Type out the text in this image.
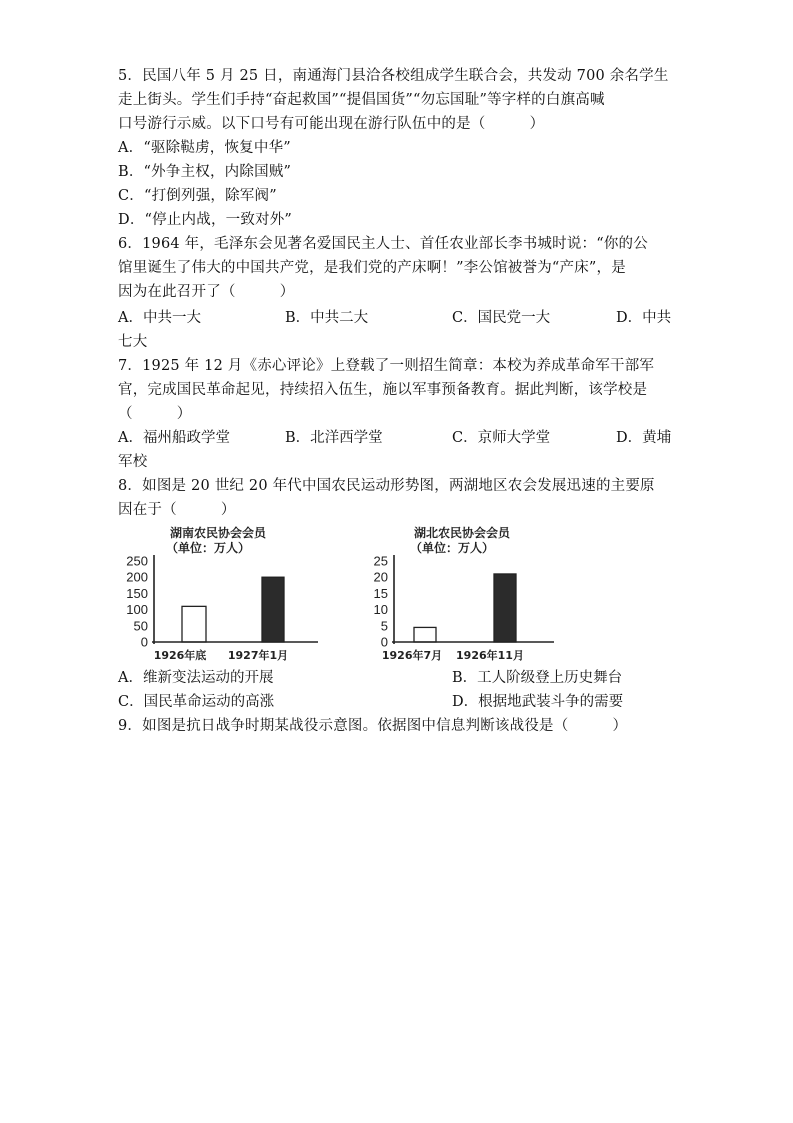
5．民国八年 5 月 25 日，南通海门县洽各校组成学生联合会，共发动 700 余名学生
走上街头。学生们手持“奋起救国”“提倡国货”“勿忘国耻”等字样的白旗高喊
口号游行示威。以下口号有可能出现在游行队伍中的是（　　　）
A．“驱除鞑虏，恢复中华”
B．“外争主权，内除国贼”
C．“打倒列强，除军阀”
D．“停止内战，一致对外”
6．1964 年，毛泽东会见著名爱国民主人士、首任农业部长李书城时说：“你的公
馆里诞生了伟大的中国共产党，是我们党的产床啊！”李公馆被誉为“产床”，是
因为在此召开了（　　　）
A．中共一大	B．中共二大	C．国民党一大	D．中共
七大
7．1925 年 12 月《赤心评论》上登载了一则招生简章：本校为养成革命军干部军
官，完成国民革命起见，持续招入伍生，施以军事预备教育。据此判断，该学校是
（　　　）
A．福州船政学堂	B．北洋西学堂	C．京师大学堂	D．黄埔
军校
8．如图是 20 世纪 20 年代中国农民运动形势图，两湖地区农会发展迅速的主要原
因在于（　　　）
湖南农民协会会员
（单位：万人）
250
200
150
100
50
0
1926年底 1927年1月
湖北农民协会会员
（单位：万人）
25
20
15
10
5
0
1926年7月 1926年11月
A．维新变法运动的开展	B．工人阶级登上历史舞台
C．国民革命运动的高涨	D．根据地武装斗争的需要
9．如图是抗日战争时期某战役示意图。依据图中信息判断该战役是（　　　）
